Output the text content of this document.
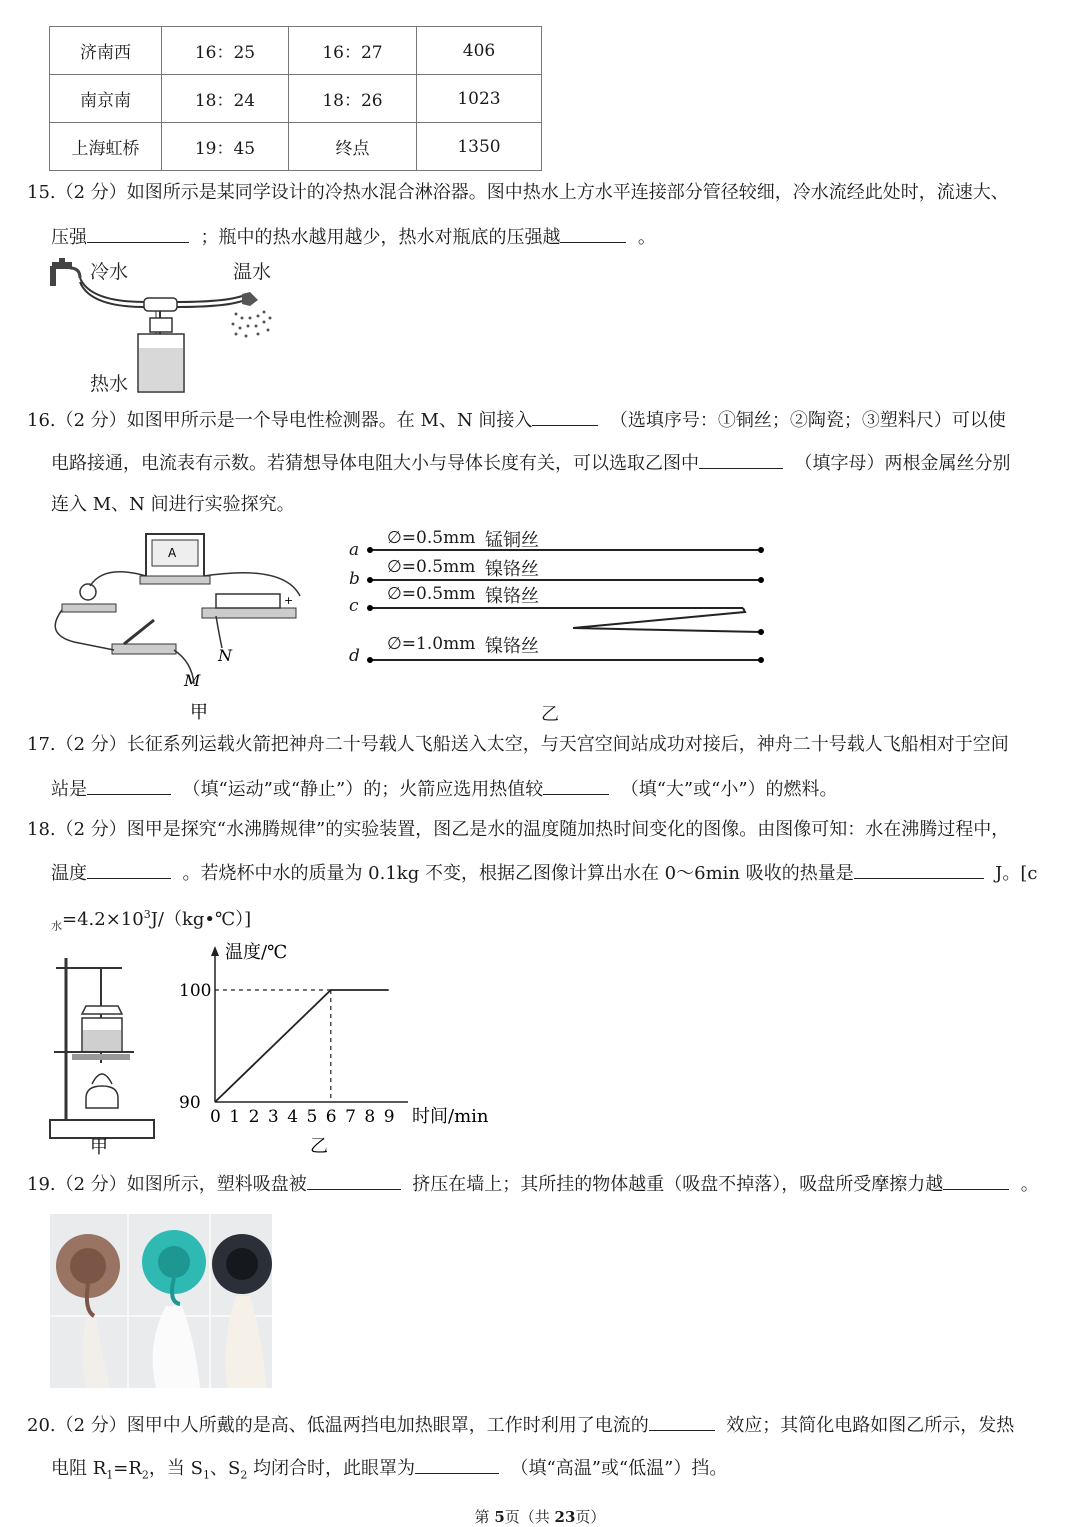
济南西	16：25	16：27	406
南京南	18：24	18：26	1023
上海虹桥	19：45	终点	1350
15.（2 分）如图所示是某同学设计的冷热水混合淋浴器。图中热水上方水平连接部分管径较细，冷水流经此处时，流速大、
压强	；瓶中的热水越用越少，热水对瓶底的压强越	。
冷水	温水
热水
16.（2 分）如图甲所示是一个导电性检测器。在 M、N 间接入	（选填序号：①铜丝；②陶瓷；③塑料尺）可以使
电路接通，电流表有示数。若猜想导体电阻大小与导体长度有关，可以选取乙图中	（填字母）两根金属丝分别
连入 M、N 间进行实验探究。
A
+
M
N
甲
a
∅=0.5mm 锰铜丝
b
∅=0.5mm 镍铬丝
c
∅=0.5mm 镍铬丝
d
∅=1.0mm 镍铬丝
乙
17.（2 分）长征系列运载火箭把神舟二十号载人飞船送入太空，与天宫空间站成功对接后，神舟二十号载人飞船相对于空间
站是	（填“运动”或“静止”）的；火箭应选用热值较	（填“大”或“小”）的燃料。
18.（2 分）图甲是探究“水沸腾规律”的实验装置，图乙是水的温度随加热时间变化的图像。由图像可知：水在沸腾过程中，
温度	。若烧杯中水的质量为 0.1kg 不变，根据乙图像计算出水在 0～6min 吸收的热量是	J。[c
$_水=4.2\times 10^3J/(kg•℃)$]
甲
0 1 2 3 4 5 6 7 8 9
90
100
温度/℃
时间/min
乙
19.（2 分）如图所示，塑料吸盘被	挤压在墙上；其所挂的物体越重（吸盘不掉落），吸盘所受摩擦力越	。
20.（2 分）图甲中人所戴的是高、低温两挡电加热眼罩，工作时利用了电流的	效应；其简化电路如图乙所示，发热
电阻 $R_1=R_2$，当 $S_1$、$S_2$ 均闭合时，此眼罩为	（填“高温”或“低温”）挡。
第 5页（共 23页）
